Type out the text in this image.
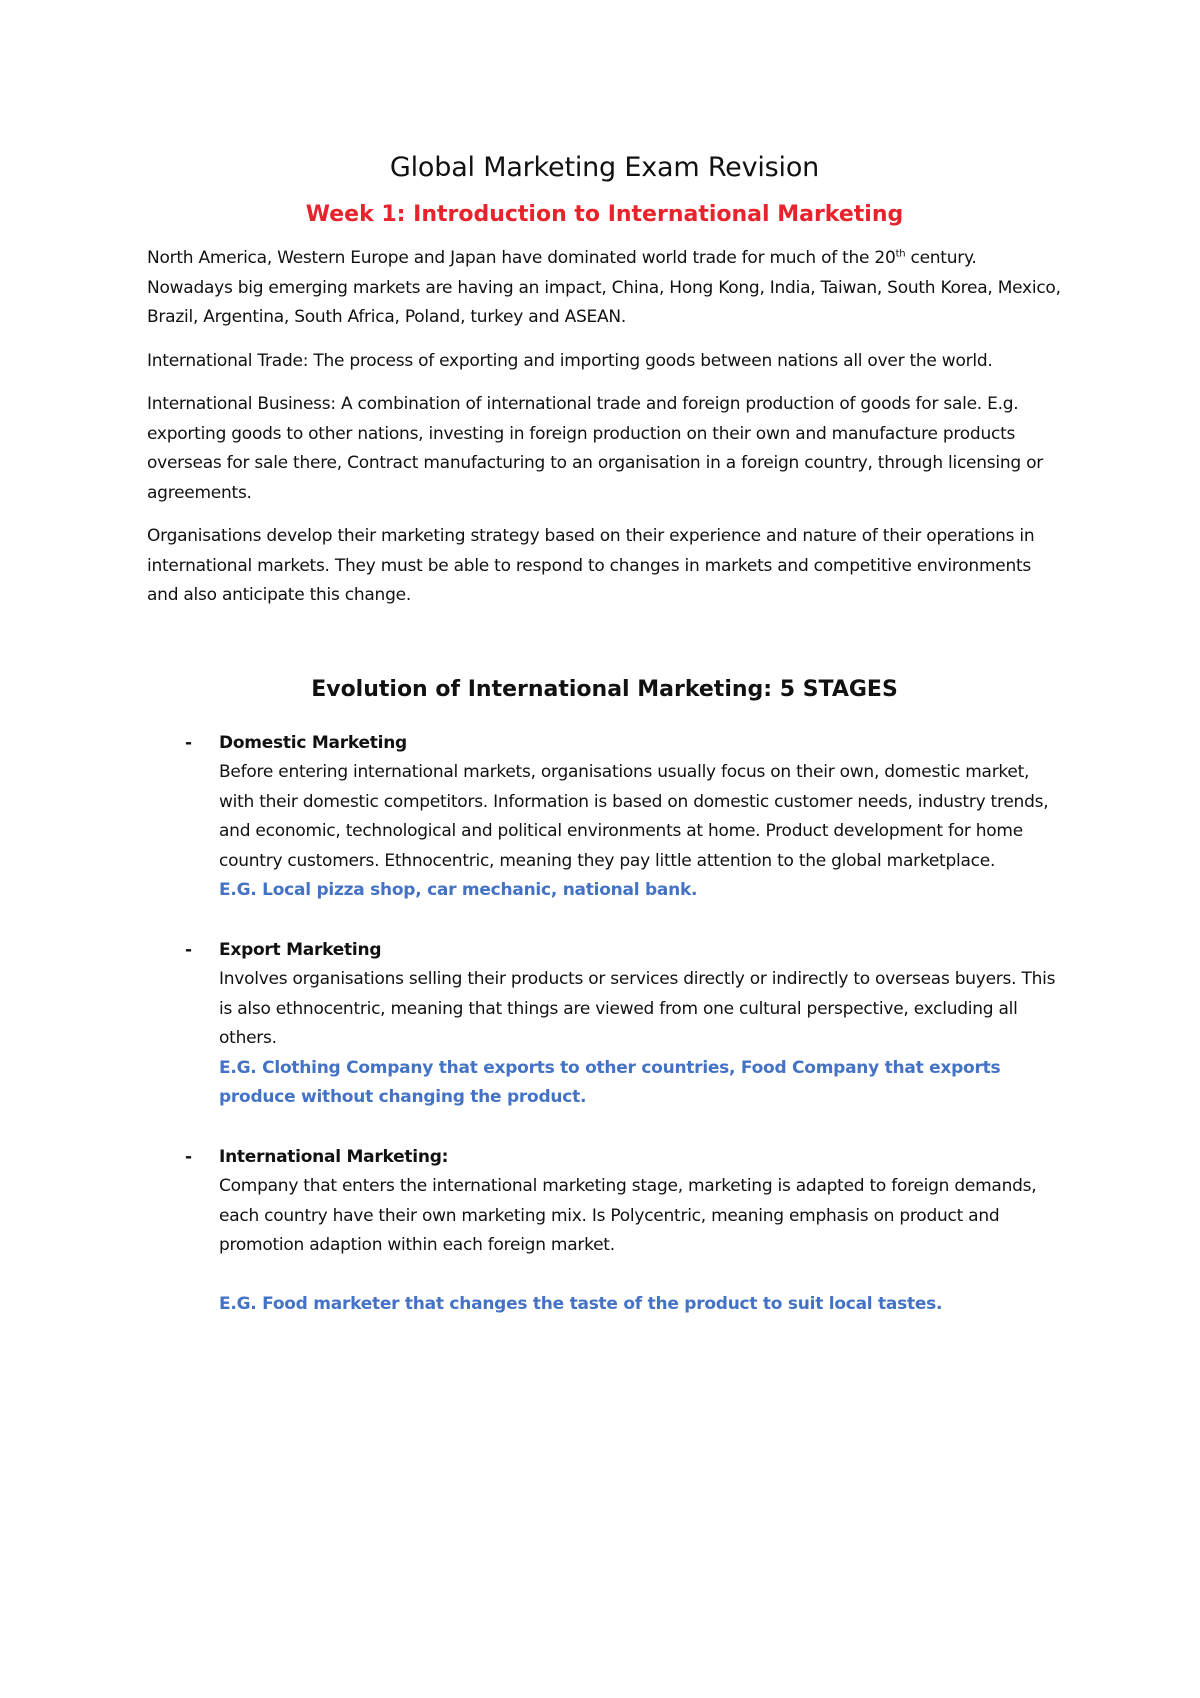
Global Marketing Exam Revision
Week 1: Introduction to International Marketing

North America, Western Europe and Japan have dominated world trade for much of the 20th century. Nowadays big emerging markets are having an impact, China, Hong Kong, India, Taiwan, South Korea, Mexico, Brazil, Argentina, South Africa, Poland, turkey and ASEAN.

International Trade: The process of exporting and importing goods between nations all over the world.

International Business: A combination of international trade and foreign production of goods for sale. E.g. exporting goods to other nations, investing in foreign production on their own and manufacture products overseas for sale there, Contract manufacturing to an organisation in a foreign country, through licensing or agreements.

Organisations develop their marketing strategy based on their experience and nature of their operations in international markets. They must be able to respond to changes in markets and competitive environments and also anticipate this change.

Evolution of International Marketing: 5 STAGES
- Domestic Marketing
Before entering international markets, organisations usually focus on their own, domestic market, with their domestic competitors. Information is based on domestic customer needs, industry trends, and economic, technological and political environments at home. Product development for home country customers. Ethnocentric, meaning they pay little attention to the global marketplace.
E.G. Local pizza shop, car mechanic, national bank.
- Export Marketing
Involves organisations selling their products or services directly or indirectly to overseas buyers. This is also ethnocentric, meaning that things are viewed from one cultural perspective, excluding all others.
E.G. Clothing Company that exports to other countries, Food Company that exports produce without changing the product.
- International Marketing:
Company that enters the international marketing stage, marketing is adapted to foreign demands, each country have their own marketing mix. Is Polycentric, meaning emphasis on product and promotion adaption within each foreign market.
E.G. Food marketer that changes the taste of the product to suit local tastes.
